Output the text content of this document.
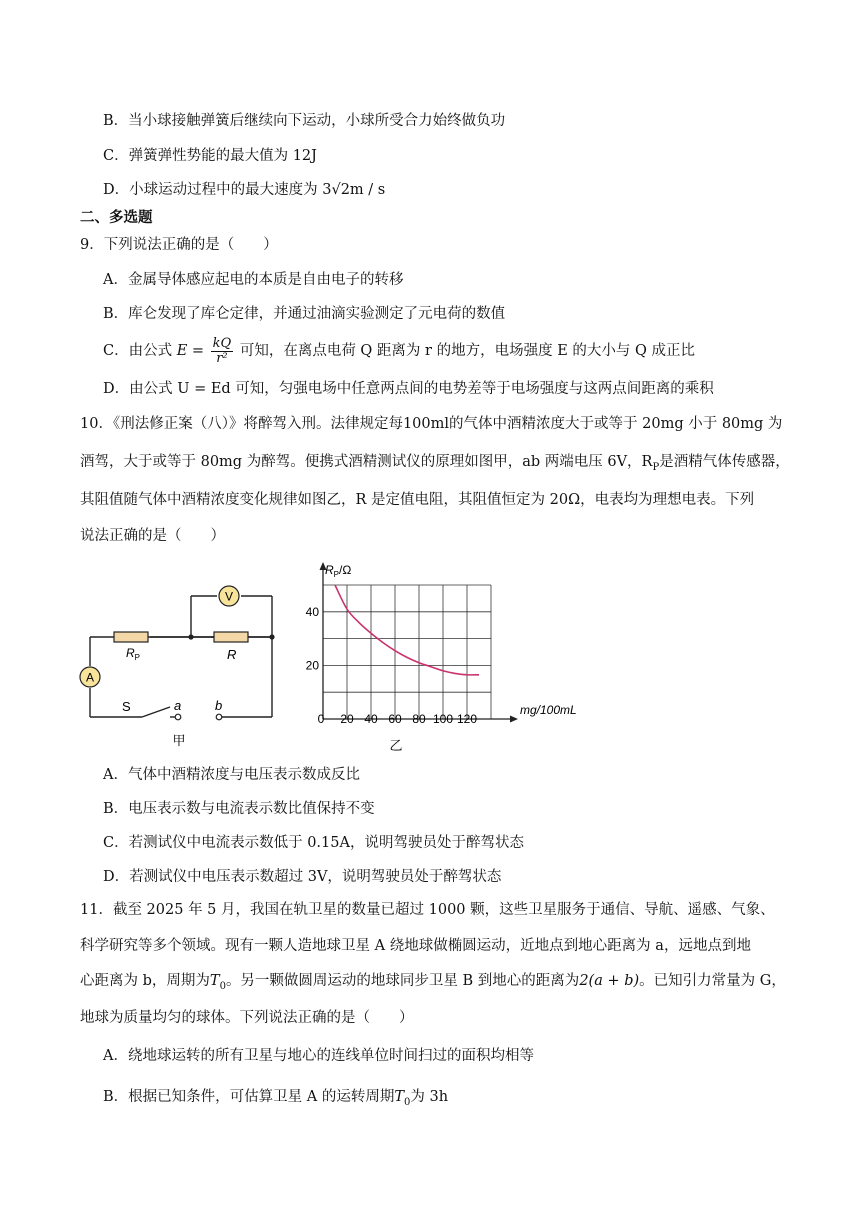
B．当小球接触弹簧后继续向下运动，小球所受合力始终做负功
C．弹簧弹性势能的最大值为 12J
D．小球运动过程中的最大速度为 3√2m / s
二、多选题
9．下列说法正确的是（　　）
A．金属导体感应起电的本质是自由电子的转移
B．库仑发现了库仑定律，并通过油滴实验测定了元电荷的数值
C．由公式 $E = \frac{kQ}{\text{r²}}$ 可知，在离点电荷 Q 距离为 r 的地方，电场强度 E 的大小与 Q 成正比
D．由公式 U = Ed 可知，匀强电场中任意两点间的电势差等于电场强度与这两点间距离的乘积
10．《刑法修正案（八）》将醉驾入刑。法律规定每100ml的气体中酒精浓度大于或等于 20mg 小于 80mg 为
酒驾，大于或等于 80mg 为醉驾。便携式酒精测试仪的原理如图甲，ab 两端电压 6V，$R_P$是酒精气体传感器，
其阻值随气体中酒精浓度变化规律如图乙，R 是定值电阻，其阻值恒定为 20Ω，电表均为理想电表。下列
说法正确的是（　　）
V
A
$R_P$	R
S	a	b
甲
0 20 40 60 80 100 120
20
40
$R_P/\Omega$
mg/100mL
乙
A．气体中酒精浓度与电压表示数成反比
B．电压表示数与电流表示数比值保持不变
C．若测试仪中电流表示数低于 0.15A，说明驾驶员处于醉驾状态
D．若测试仪中电压表示数超过 3V，说明驾驶员处于醉驾状态
11．截至 2025 年 5 月，我国在轨卫星的数量已超过 1000 颗，这些卫星服务于通信、导航、遥感、气象、
科学研究等多个领域。现有一颗人造地球卫星 A 绕地球做椭圆运动，近地点到地心距离为 a，远地点到地
心距离为 b，周期为$T_0$。另一颗做圆周运动的地球同步卫星 B 到地心的距离为2(a + b)。已知引力常量为 G，
地球为质量均匀的球体。下列说法正确的是（　　）
A．绕地球运转的所有卫星与地心的连线单位时间扫过的面积均相等
B．根据已知条件，可估算卫星 A 的运转周期$T_0$为 3h
